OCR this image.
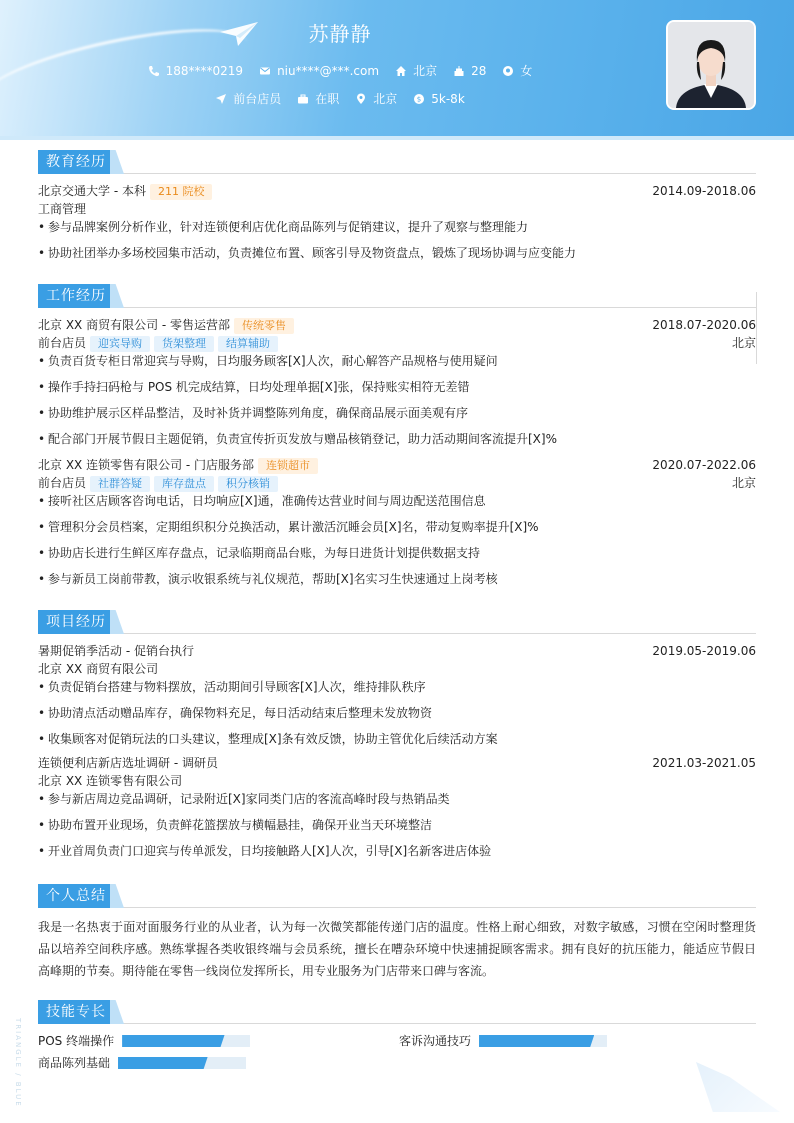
苏静静
188****0219	niu****@***.com	北京	28	女
前台店员	在职	北京	$ 5k-8k
教育经历
北京交通大学 - 本科 211 院校	2014.09-2018.06
工商管理
• 参与品牌案例分析作业，针对连锁便利店优化商品陈列与促销建议，提升了观察与整理能力
• 协助社团举办多场校园集市活动，负责摊位布置、顾客引导及物资盘点，锻炼了现场协调与应变能力
工作经历
北京 XX 商贸有限公司 - 零售运营部 传统零售	2018.07-2020.06
前台店员 迎宾导购 货架整理 结算辅助	北京
• 负责百货专柜日常迎宾与导购，日均服务顾客[X]人次，耐心解答产品规格与使用疑问
• 操作手持扫码枪与 POS 机完成结算，日均处理单据[X]张，保持账实相符无差错
• 协助维护展示区样品整洁，及时补货并调整陈列角度，确保商品展示面美观有序
• 配合部门开展节假日主题促销，负责宣传折页发放与赠品核销登记，助力活动期间客流提升[X]%
北京 XX 连锁零售有限公司 - 门店服务部 连锁超市	2020.07-2022.06
前台店员 社群答疑 库存盘点 积分核销	北京
• 接听社区店顾客咨询电话，日均响应[X]通，准确传达营业时间与周边配送范围信息
• 管理积分会员档案，定期组织积分兑换活动，累计激活沉睡会员[X]名，带动复购率提升[X]%
• 协助店长进行生鲜区库存盘点，记录临期商品台账，为每日进货计划提供数据支持
• 参与新员工岗前带教，演示收银系统与礼仪规范，帮助[X]名实习生快速通过上岗考核
项目经历
暑期促销季活动 - 促销台执行	2019.05-2019.06
北京 XX 商贸有限公司
• 负责促销台搭建与物料摆放，活动期间引导顾客[X]人次，维持排队秩序
• 协助清点活动赠品库存，确保物料充足，每日活动结束后整理未发放物资
• 收集顾客对促销玩法的口头建议，整理成[X]条有效反馈，协助主管优化后续活动方案
连锁便利店新店选址调研 - 调研员	2021.03-2021.05
北京 XX 连锁零售有限公司
• 参与新店周边竞品调研，记录附近[X]家同类门店的客流高峰时段与热销品类
• 协助布置开业现场，负责鲜花篮摆放与横幅悬挂，确保开业当天环境整洁
• 开业首周负责门口迎宾与传单派发，日均接触路人[X]人次，引导[X]名新客进店体验
个人总结
我是一名热衷于面对面服务行业的从业者，认为每一次微笑都能传递门店的温度。性格上耐心细致，对数字敏感，习惯在空闲时整理货品以培养空间秩序感。熟练掌握各类收银终端与会员系统，擅长在嘈杂环境中快速捕捉顾客需求。拥有良好的抗压能力，能适应节假日高峰期的节奏。期待能在零售一线岗位发挥所长，用专业服务为门店带来口碑与客流。
技能专长
POS 终端操作	客诉沟通技巧
商品陈列基础
TRIANGLE / BLUE
